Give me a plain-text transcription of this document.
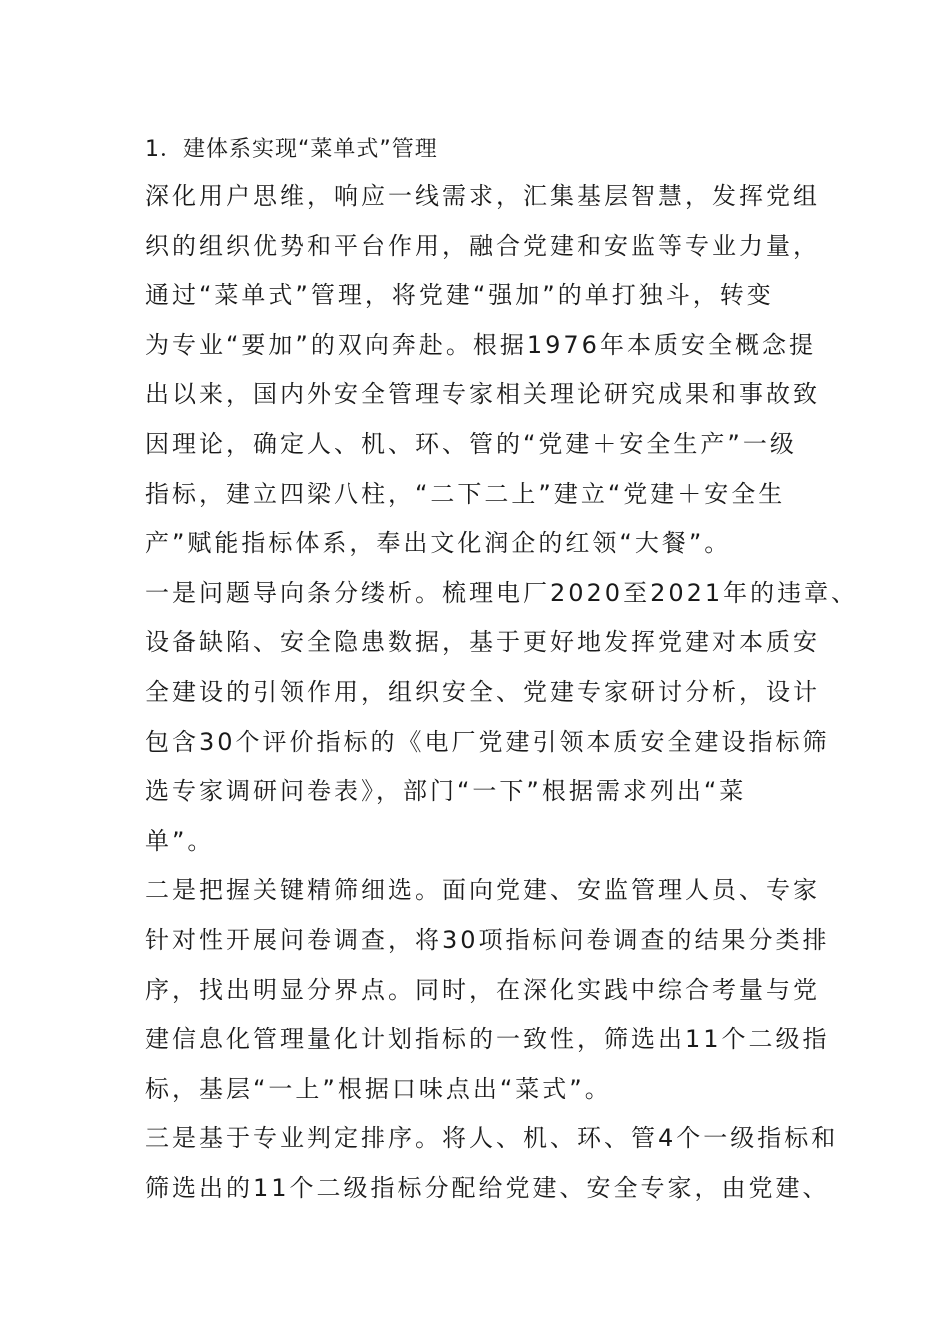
1．建体系实现“菜单式”管理

深化用户思维，响应一线需求，汇集基层智慧，发挥党组

织的组织优势和平台作用，融合党建和安监等专业力量，

通过“菜单式”管理，将党建“强加”的单打独斗，转变

为专业“要加”的双向奔赴。根据1976年本质安全概念提

出以来，国内外安全管理专家相关理论研究成果和事故致

因理论，确定人、机、环、管的“党建＋安全生产”一级

指标，建立四梁八柱，“二下二上”建立“党建＋安全生

产”赋能指标体系，奉出文化润企的红领“大餐”。

一是问题导向条分缕析。梳理电厂2020至2021年的违章、

设备缺陷、安全隐患数据，基于更好地发挥党建对本质安

全建设的引领作用，组织安全、党建专家研讨分析，设计

包含30个评价指标的《电厂党建引领本质安全建设指标筛

选专家调研问卷表》，部门“一下”根据需求列出“菜

单”。

二是把握关键精筛细选。面向党建、安监管理人员、专家

针对性开展问卷调查，将30项指标问卷调查的结果分类排

序，找出明显分界点。同时，在深化实践中综合考量与党

建信息化管理量化计划指标的一致性，筛选出11个二级指

标，基层“一上”根据口味点出“菜式”。

三是基于专业判定排序。将人、机、环、管4个一级指标和

筛选出的11个二级指标分配给党建、安全专家，由党建、
